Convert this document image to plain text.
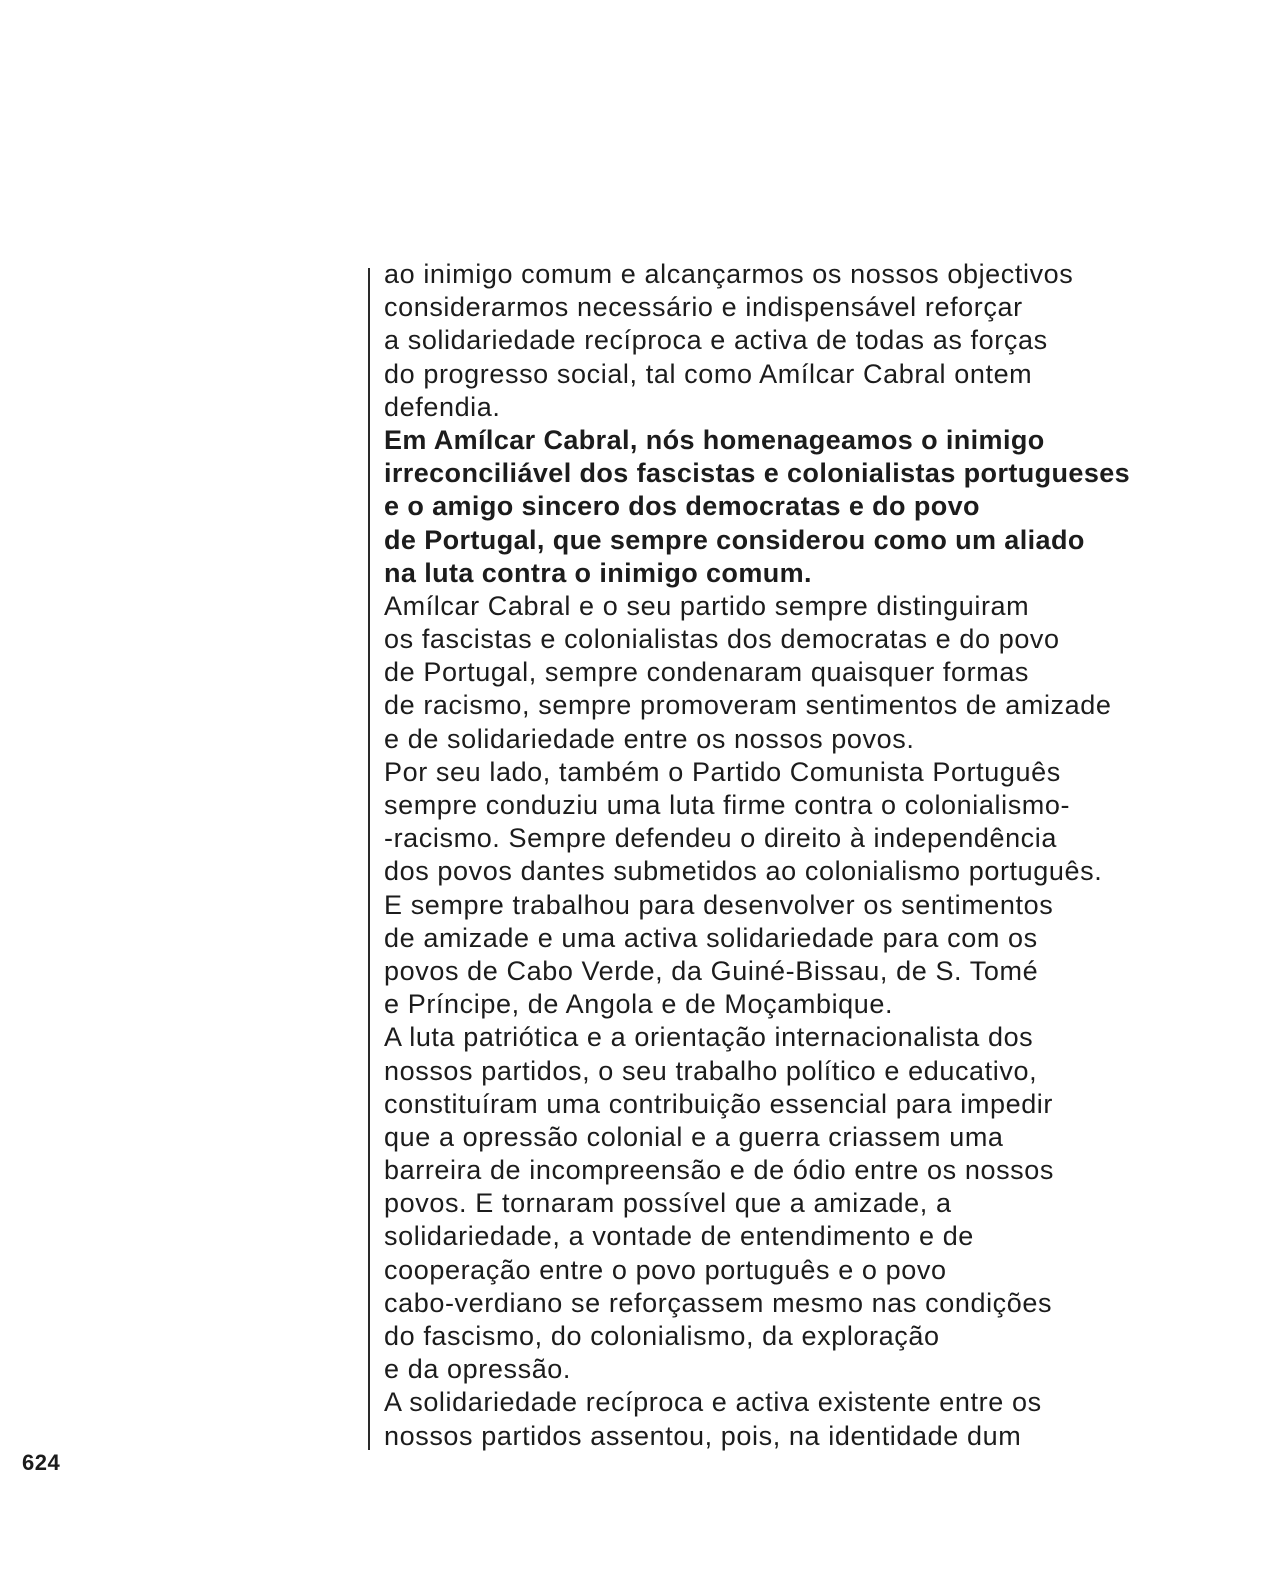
ao inimigo comum e alcançarmos os nossos objectivos
considerarmos necessário e indispensável reforçar
a solidariedade recíproca e activa de todas as forças
do progresso social, tal como Amílcar Cabral ontem
defendia.
Em Amílcar Cabral, nós homenageamos o inimigo
irreconciliável dos fascistas e colonialistas portugueses
e o amigo sincero dos democratas e do povo
de Portugal, que sempre considerou como um aliado
na luta contra o inimigo comum.
Amílcar Cabral e o seu partido sempre distinguiram
os fascistas e colonialistas dos democratas e do povo
de Portugal, sempre condenaram quaisquer formas
de racismo, sempre promoveram sentimentos de amizade
e de solidariedade entre os nossos povos.
Por seu lado, também o Partido Comunista Português
sempre conduziu uma luta firme contra o colonialismo-
-racismo. Sempre defendeu o direito à independência
dos povos dantes submetidos ao colonialismo português.
E sempre trabalhou para desenvolver os sentimentos
de amizade e uma activa solidariedade para com os
povos de Cabo Verde, da Guiné-Bissau, de S. Tomé
e Príncipe, de Angola e de Moçambique.
A luta patriótica e a orientação internacionalista dos
nossos partidos, o seu trabalho político e educativo,
constituíram uma contribuição essencial para impedir
que a opressão colonial e a guerra criassem uma
barreira de incompreensão e de ódio entre os nossos
povos. E tornaram possível que a amizade, a
solidariedade, a vontade de entendimento e de
cooperação entre o povo português e o povo
cabo-verdiano se reforçassem mesmo nas condições
do fascismo, do colonialismo, da exploração
e da opressão.
A solidariedade recíproca e activa existente entre os
nossos partidos assentou, pois, na identidade dum
624
